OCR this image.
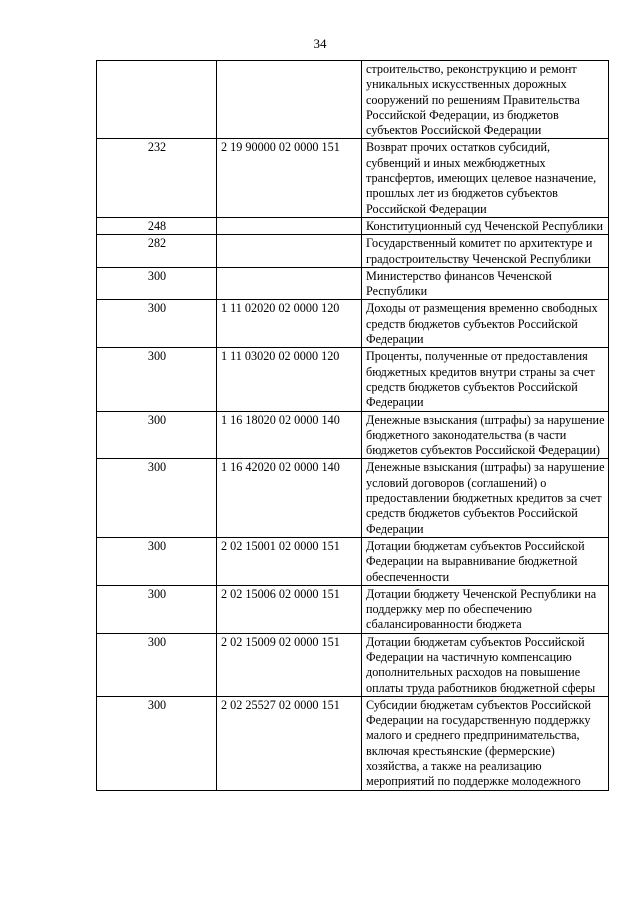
34
		строительство, реконструкцию и ремонт уникальных искусственных дорожных сооружений по решениям Правительства Российской Федерации, из бюджетов субъектов Российской Федерации
232	2 19 90000 02 0000 151	Возврат прочих остатков субсидий, субвенций и иных межбюджетных трансфертов, имеющих целевое назначение, прошлых лет из бюджетов субъектов Российской Федерации
248		Конституционный суд Чеченской Республики
282		Государственный комитет по архитектуре и градостроительству Чеченской Республики
300		Министерство финансов Чеченской Республики
300	1 11 02020 02 0000 120	Доходы от размещения временно свободных средств бюджетов субъектов Российской Федерации
300	1 11 03020 02 0000 120	Проценты, полученные от предоставления бюджетных кредитов внутри страны за счет средств бюджетов субъектов Российской Федерации
300	1 16 18020 02 0000 140	Денежные взыскания (штрафы) за нарушение бюджетного законодательства (в части бюджетов субъектов Российской Федерации)
300	1 16 42020 02 0000 140	Денежные взыскания (штрафы) за нарушение условий договоров (соглашений) о предоставлении бюджетных кредитов за счет средств бюджетов субъектов Российской Федерации
300	2 02 15001 02 0000 151	Дотации бюджетам субъектов Российской Федерации на выравнивание бюджетной обеспеченности
300	2 02 15006 02 0000 151	Дотации бюджету Чеченской Республики на поддержку мер по обеспечению сбалансированности бюджета
300	2 02 15009 02 0000 151	Дотации бюджетам субъектов Российской Федерации на частичную компенсацию дополнительных расходов на повышение оплаты труда работников бюджетной сферы
300	2 02 25527 02 0000 151	Субсидии бюджетам субъектов Российской Федерации на государственную поддержку малого и среднего предпринимательства, включая крестьянские (фермерские) хозяйства, а также на реализацию мероприятий по поддержке молодежного
